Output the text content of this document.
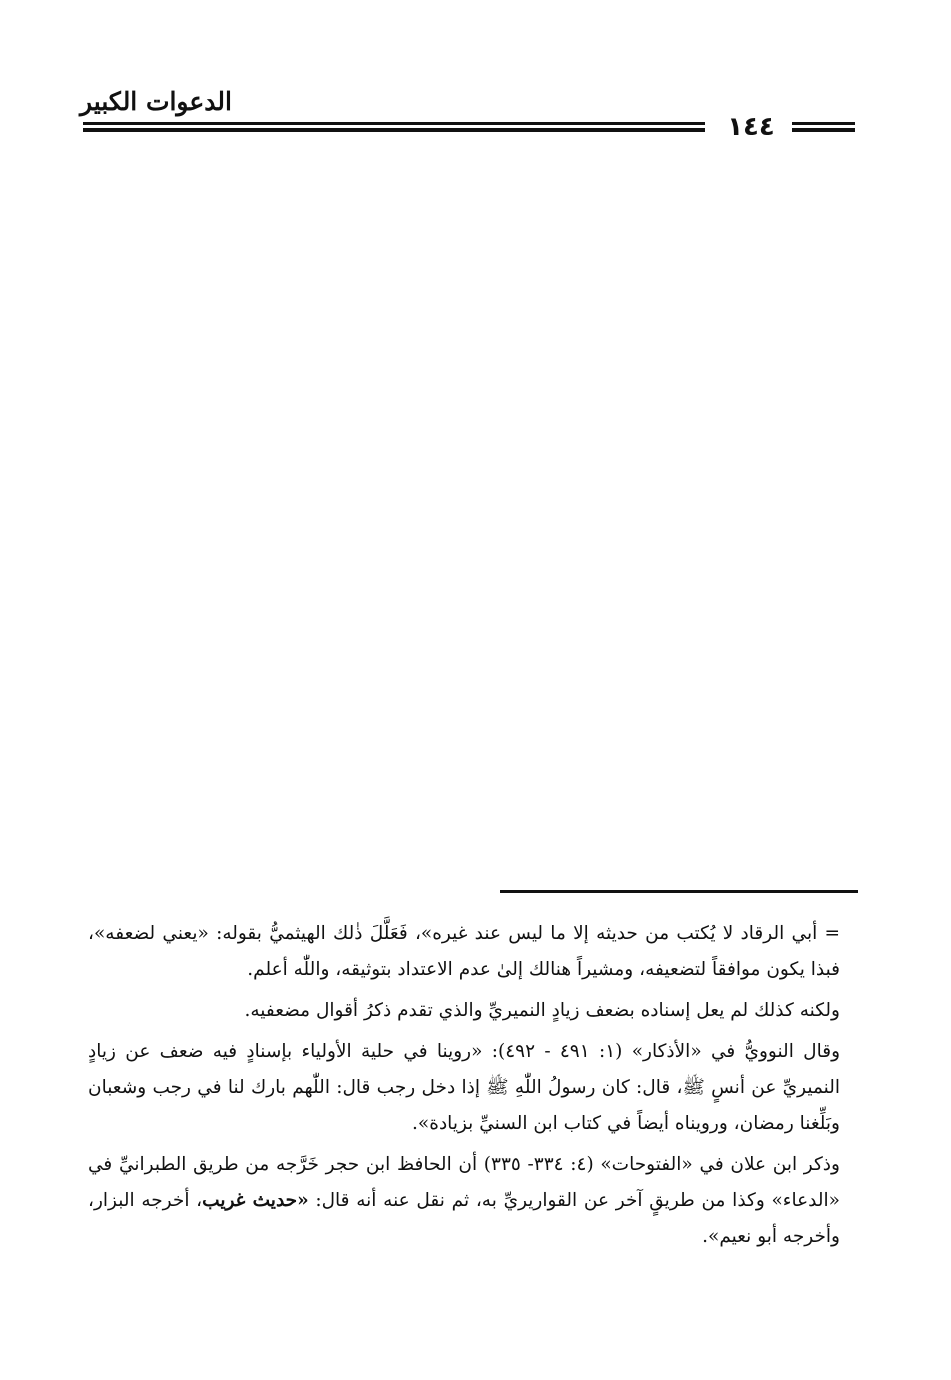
الدعوات الكبير
١٤٤

= أبي الرقاد لا يُكتب من حديثه إلا ما ليس عند غيره»، فَعَلَّلَ ذٰلك الهيثميُّ بقوله: «يعني لضعفه»، فبذا يكون موافقاً لتضعيفه، ومشيراً هنالك إلىٰ عدم الاعتداد بتوثيقه، واللّٰه أعلم.

ولكنه كذلك لم يعل إسناده بضعف زيادٍ النميريِّ والذي تقدم ذكرُ أقوال مضعفيه.

وقال النوويُّ في «الأذكار» (١: ٤٩١ - ٤٩٢): «روينا في حلية الأولياء بإسنادٍ فيه ضعف عن زيادٍ النميريِّ عن أنسٍ ﷺ، قال: كان رسولُ اللّٰهِ ﷺ إذا دخل رجب قال: اللّٰهم بارك لنا في رجب وشعبان وبَلِّغنا رمضان، ورويناه أيضاً في كتاب ابن السنيِّ بزيادة».

وذكر ابن علان في «الفتوحات» (٤: ٣٣٤- ٣٣٥) أن الحافظ ابن حجر خَرَّجه من طريق الطبرانيِّ في «الدعاء» وكذا من طريقٍ آخر عن القواريريِّ به، ثم نقل عنه أنه قال: «حديث غريب، أخرجه البزار، وأخرجه أبو نعيم».
